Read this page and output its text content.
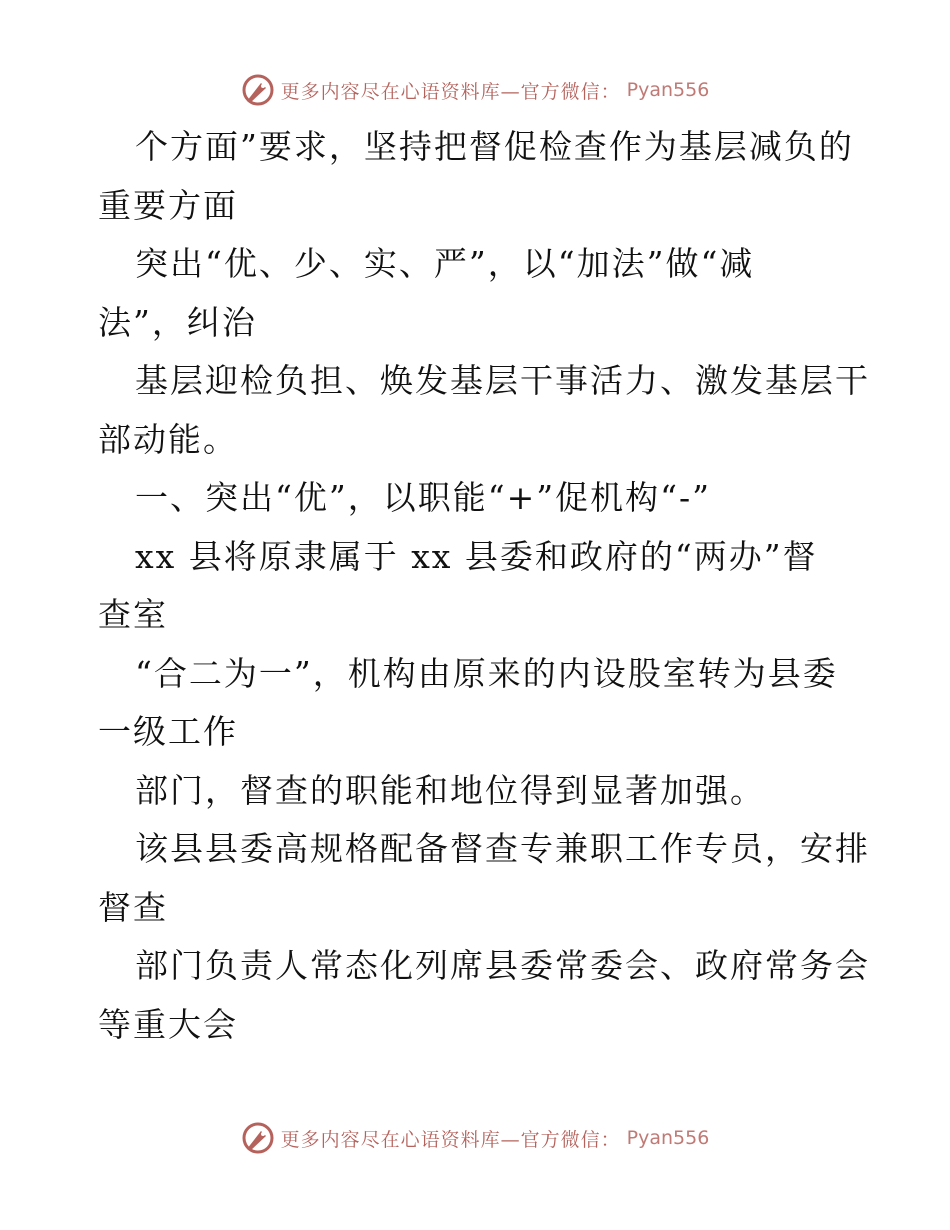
更多内容尽在心语资料库—官方微信： Pyan556
个方面”要求，坚持把督促检查作为基层减负的
重要方面
突出“优、少、实、严”，以“加法”做“减
法”，纠治
基层迎检负担、焕发基层干事活力、激发基层干
部动能。
一、突出“优”，以职能“+”促机构“-”
xx 县将原隶属于 xx 县委和政府的“两办”督
查室
“合二为一”，机构由原来的内设股室转为县委
一级工作
部门，督查的职能和地位得到显著加强。
该县县委高规格配备督查专兼职工作专员，安排
督查
部门负责人常态化列席县委常委会、政府常务会
等重大会
更多内容尽在心语资料库—官方微信： Pyan556
